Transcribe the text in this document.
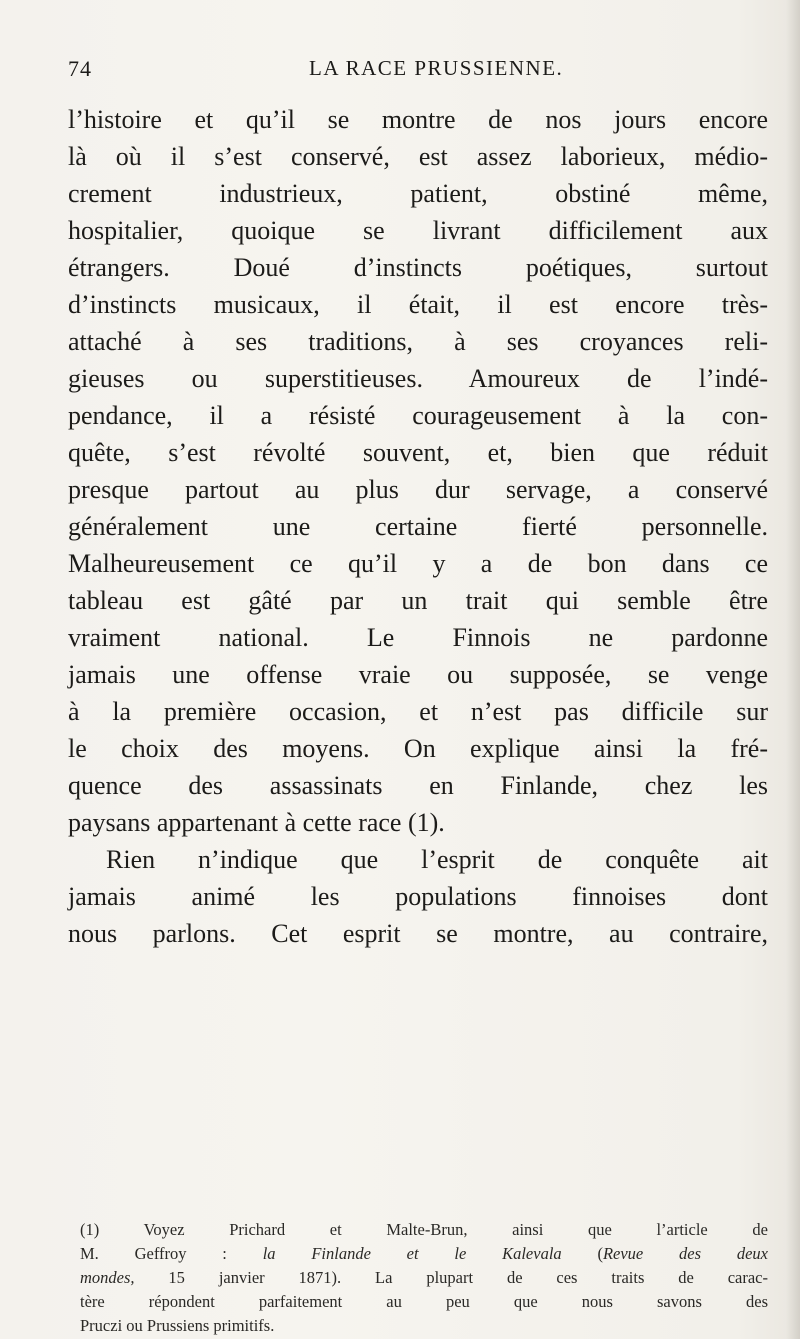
74	LA RACE PRUSSIENNE.
l’histoire et qu’il se montre de nos jours encore
là où il s’est conservé, est assez laborieux, médio-
crement industrieux, patient, obstiné même,
hospitalier, quoique se livrant difficilement aux
étrangers. Doué d’instincts poétiques, surtout
d’instincts musicaux, il était, il est encore très-
attaché à ses traditions, à ses croyances reli-
gieuses ou superstitieuses. Amoureux de l’indé-
pendance, il a résisté courageusement à la con-
quête, s’est révolté souvent, et, bien que réduit
presque partout au plus dur servage, a conservé
généralement une certaine fierté personnelle.
Malheureusement ce qu’il y a de bon dans ce
tableau est gâté par un trait qui semble être
vraiment national. Le Finnois ne pardonne
jamais une offense vraie ou supposée, se venge
à la première occasion, et n’est pas difficile sur
le choix des moyens. On explique ainsi la fré-
quence des assassinats en Finlande, chez les
paysans appartenant à cette race (1).
Rien n’indique que l’esprit de conquête ait
jamais animé les populations finnoises dont
nous parlons. Cet esprit se montre, au contraire,
(1) Voyez Prichard et Malte-Brun, ainsi que l’article de
M. Geffroy : la Finlande et le Kalevala (Revue des deux
mondes, 15 janvier 1871). La plupart de ces traits de carac-
tère répondent parfaitement au peu que nous savons des
Pruczi ou Prussiens primitifs.
